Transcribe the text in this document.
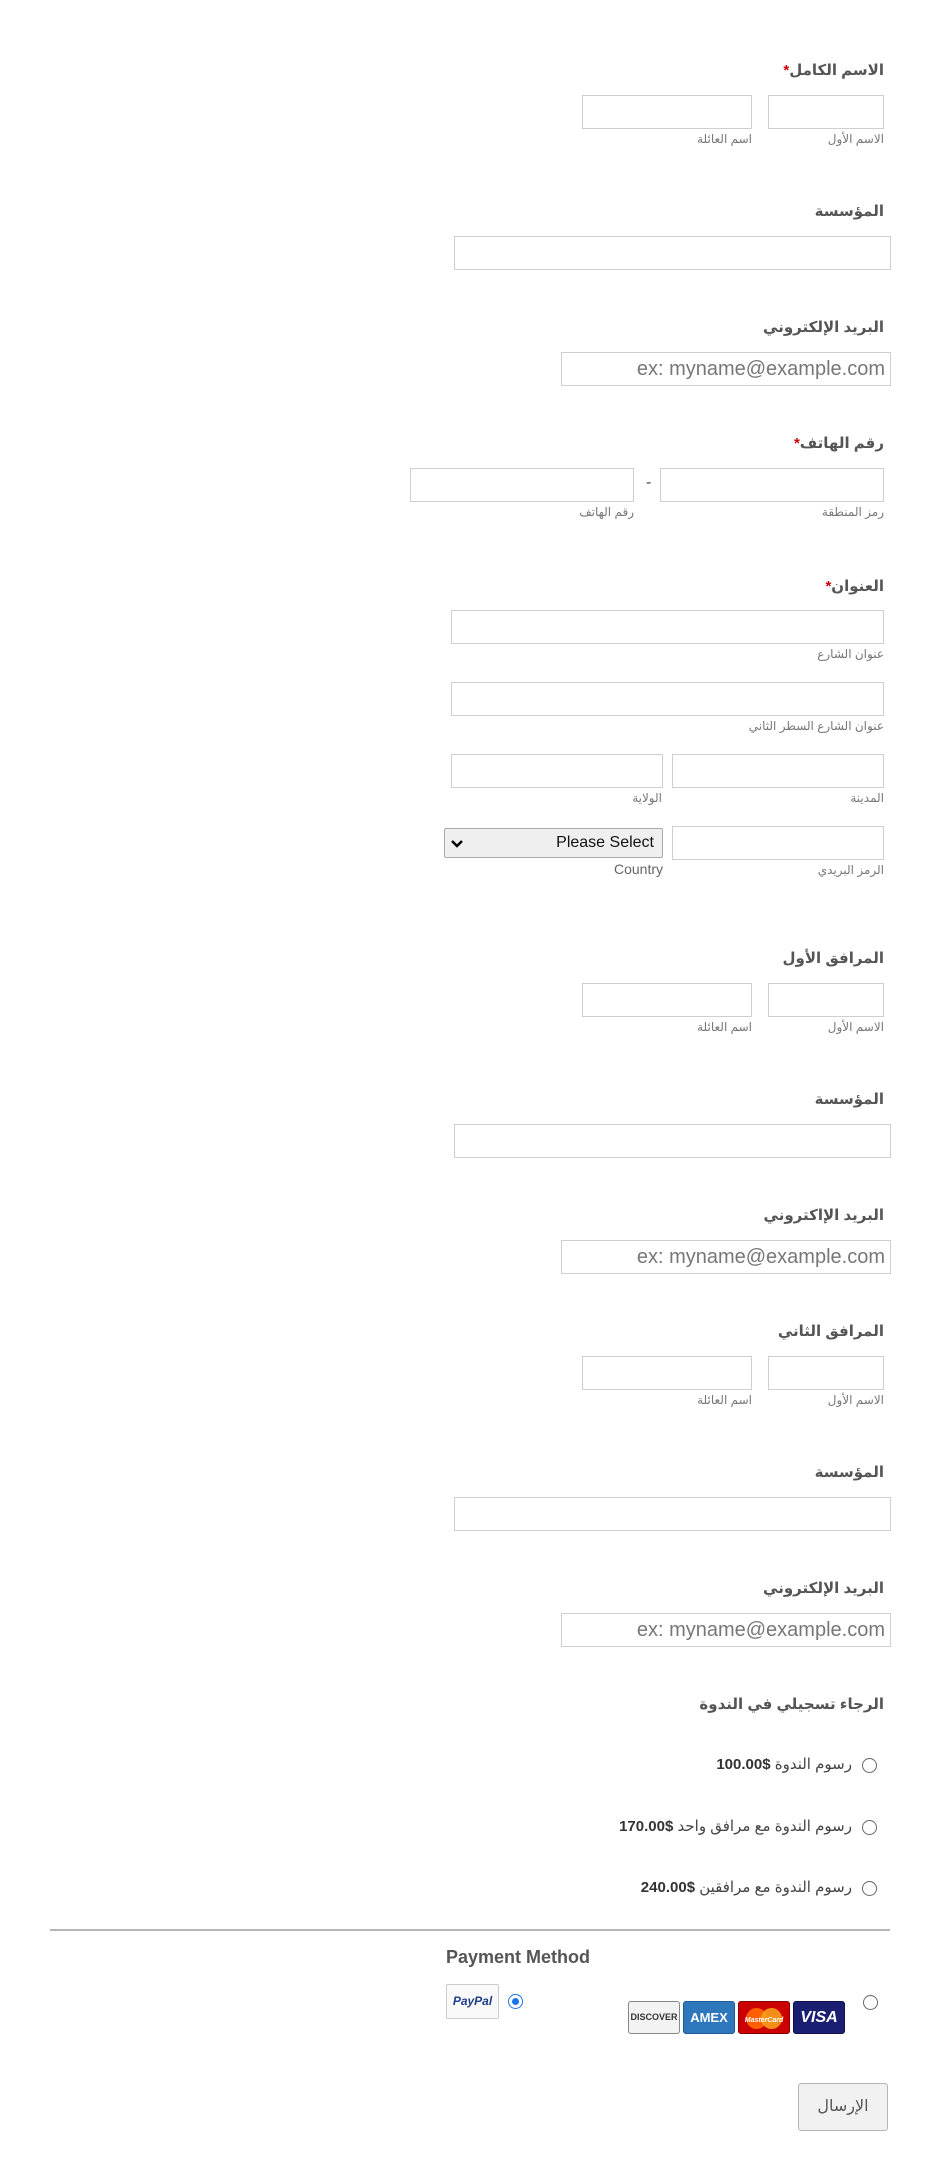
الاسم الكامل*
الاسم الأول
اسم العائلة
المؤسسة
البريد الإلكتروني
ex: myname@example.com
رقم الهاتف*
-
رمز المنطقة
رقم الهاتف
العنوان*
عنوان الشارع
عنوان الشارع السطر الثاني
المدينة
الولاية
Please Select
الرمز البريدي
Country
المرافق الأول
الاسم الأول
اسم العائلة
المؤسسة
البريد الإاكتروني
ex: myname@example.com
المرافق الثاني
الاسم الأول
اسم العائلة
المؤسسة
البريد الإلكتروني
ex: myname@example.com
الرجاء تسجيلي في الندوة
رسوم الندوة $100.00
رسوم الندوة مع مرافق واحد $170.00
رسوم الندوة مع مرافقين $240.00
Payment Method
PayPal
DISCOVER AMEX	MasterCard	VISA
الإرسال
